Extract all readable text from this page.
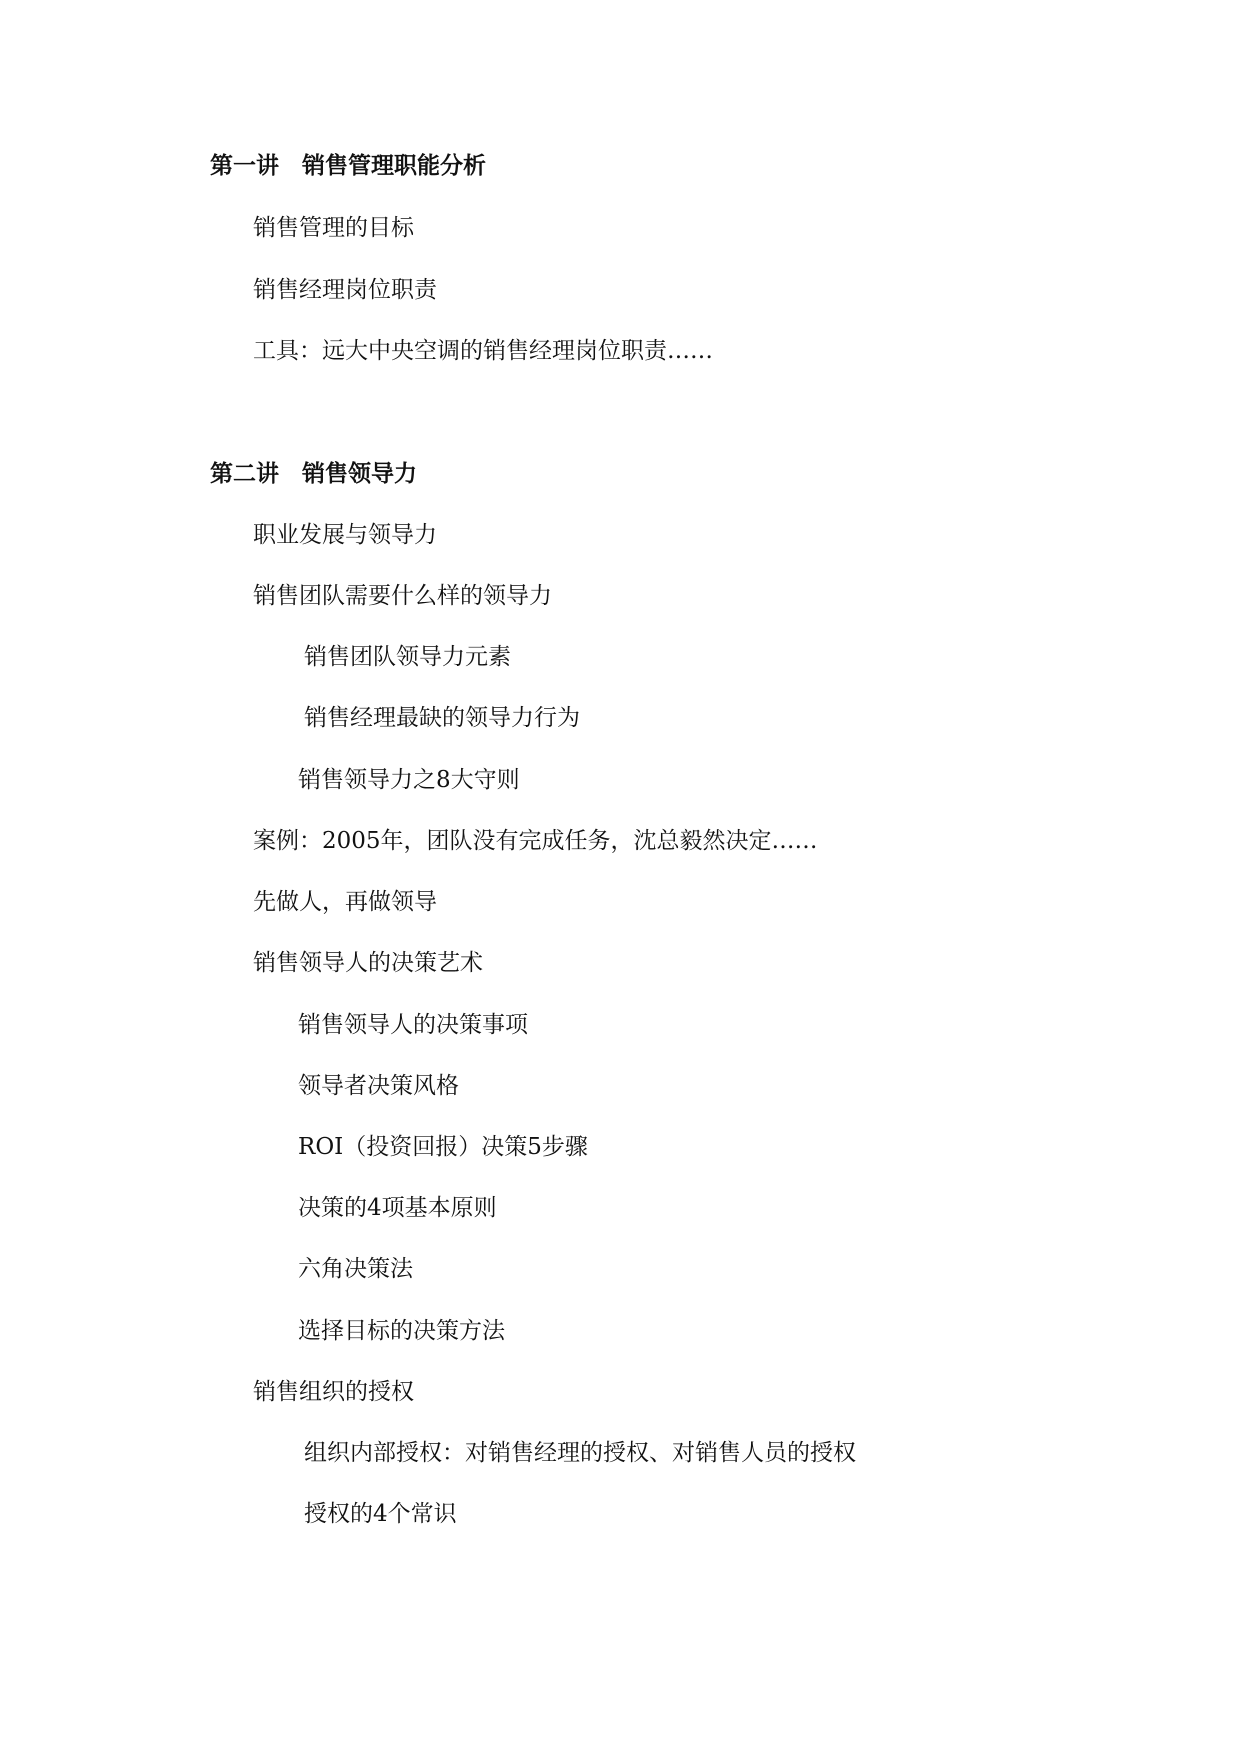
第一讲　销售管理职能分析
销售管理的目标
销售经理岗位职责
工具：远大中央空调的销售经理岗位职责……
第二讲　销售领导力
职业发展与领导力
销售团队需要什么样的领导力
销售团队领导力元素
销售经理最缺的领导力行为
销售领导力之8大守则
案例：2005年，团队没有完成任务，沈总毅然决定……
先做人，再做领导
销售领导人的决策艺术
销售领导人的决策事项
领导者决策风格
ROI（投资回报）决策5步骤
决策的4项基本原则
六角决策法
选择目标的决策方法
销售组织的授权
组织内部授权：对销售经理的授权、对销售人员的授权
授权的4个常识
